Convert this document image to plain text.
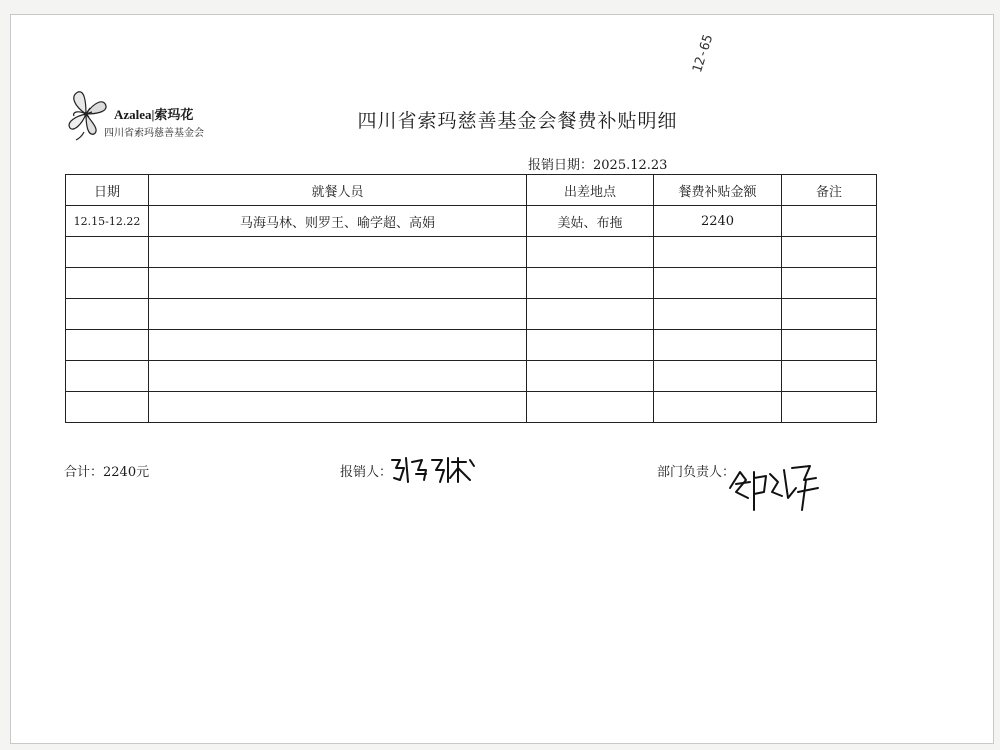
Azalea|索玛花
四川省索玛慈善基金会
12-65
四川省索玛慈善基金会餐费补贴明细
报销日期：2025.12.23
日期	就餐人员	出差地点	餐费补贴金额	备注
12.15-12.22	马海马林、则罗王、喻学超、高娟	美姑、布拖	2240	

合计：2240元	报销人：	部门负责人：
